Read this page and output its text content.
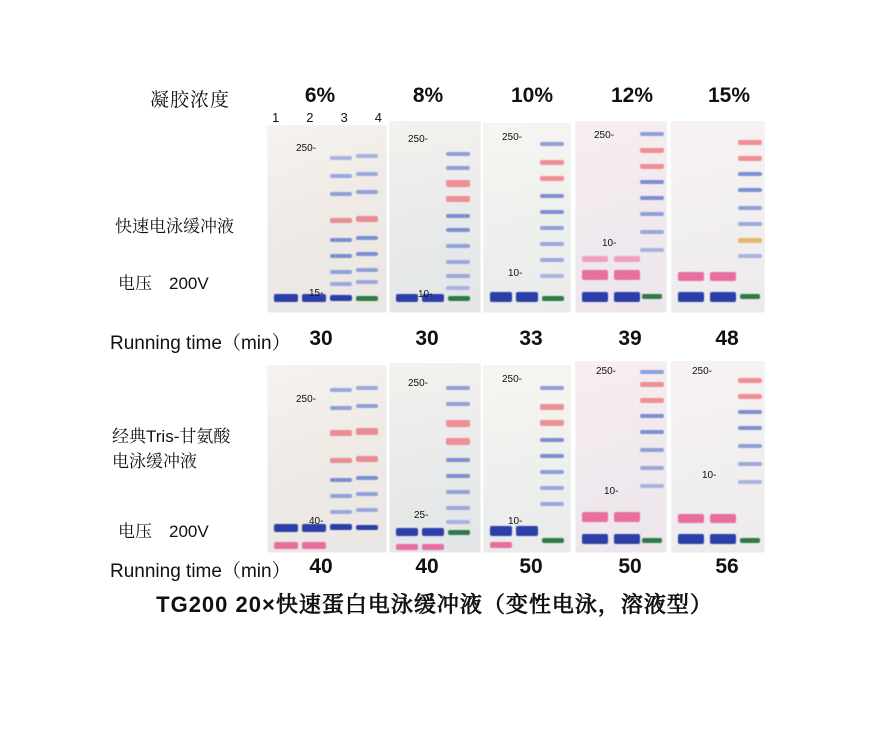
凝胶浓度	6%	8%	10%	12%	15%
1 2 3 4
快速电泳缓冲液
电压　200V
250-
15-
250-
10-
250-
10-
250-
10-
Running time（min） 30	30	33	39	48
经典Tris-甘氨酸
电泳缓冲液
电压　200V
250-
40-
250-
25-
250-
10-
250-
10-
250-
10-
Running time（min） 40	40	50	50	56
TG200 20×快速蛋白电泳缓冲液（变性电泳，溶液型）
